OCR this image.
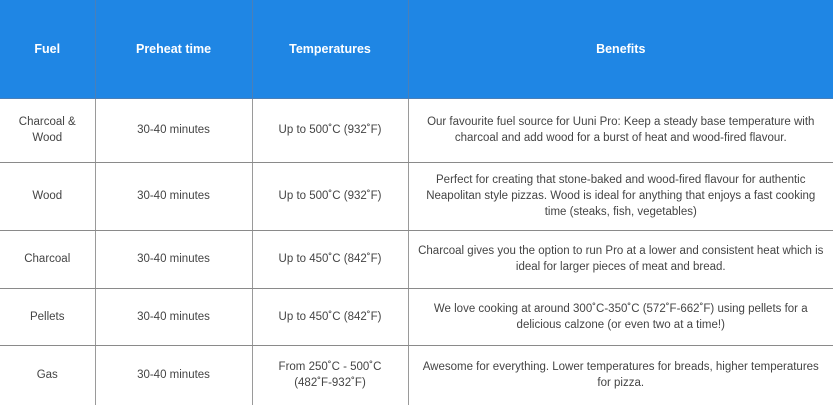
Fuel	Preheat time	Temperatures	Benefits
Charcoal & Wood	30-40 minutes	Up to 500˚C (932˚F)	Our favourite fuel source for Uuni Pro: Keep a steady base temperature with charcoal and add wood for a burst of heat and wood-fired flavour.
Wood	30-40 minutes	Up to 500˚C (932˚F)	Perfect for creating that stone-baked and wood-fired flavour for authentic Neapolitan style pizzas. Wood is ideal for anything that enjoys a fast cooking time (steaks, fish, vegetables)
Charcoal	30-40 minutes	Up to 450˚C (842˚F)	Charcoal gives you the option to run Pro at a lower and consistent heat which is ideal for larger pieces of meat and bread.
Pellets	30-40 minutes	Up to 450˚C (842˚F)	We love cooking at around 300˚C-350˚C (572˚F-662˚F) using pellets for a delicious calzone (or even two at a time!)
Gas	30-40 minutes	From 250˚C - 500˚C (482˚F-932˚F)	Awesome for everything. Lower temperatures for breads, higher temperatures for pizza.
